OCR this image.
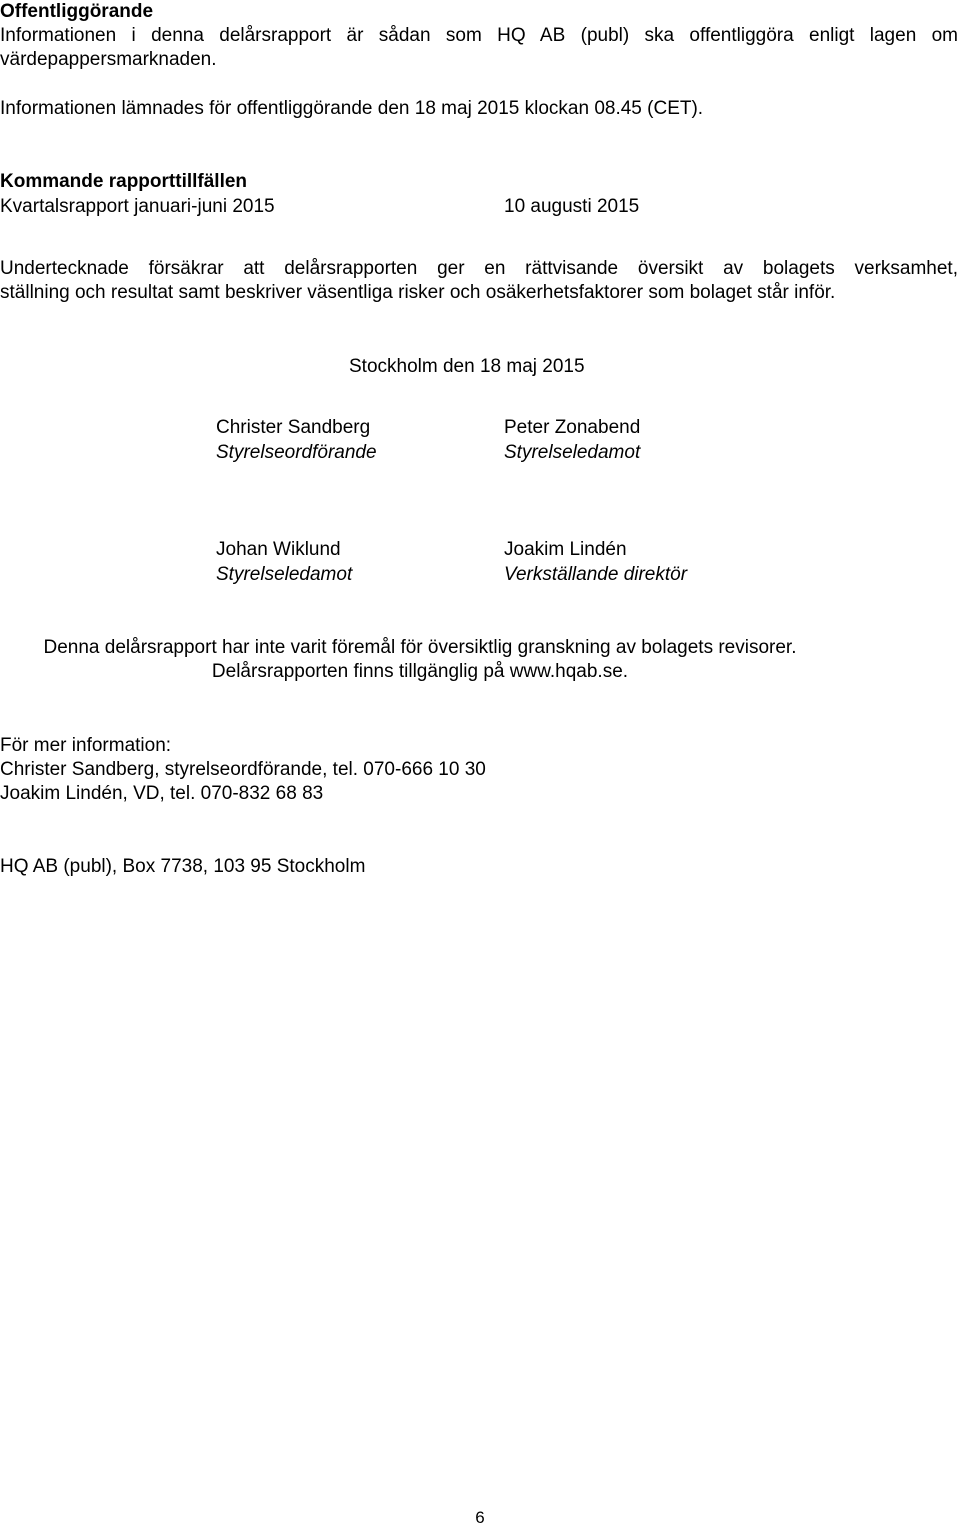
Offentliggörande
Informationen i denna delårsrapport är sådan som HQ AB (publ) ska offentliggöra enligt lagen om
värdepappersmarknaden.
Informationen lämnades för offentliggörande den 18 maj 2015 klockan 08.45 (CET).
Kommande rapporttillfällen
Kvartalsrapport januari-juni 2015	10 augusti 2015
Undertecknade försäkrar att delårsrapporten ger en rättvisande översikt av bolagets verksamhet,
ställning och resultat samt beskriver väsentliga risker och osäkerhetsfaktorer som bolaget står inför.
Stockholm den 18 maj 2015
Christer Sandberg
Styrelseordförande
Peter Zonabend
Styrelseledamot
Johan Wiklund
Styrelseledamot
Joakim Lindén
Verkställande direktör
Denna delårsrapport har inte varit föremål för översiktlig granskning av bolagets revisorer.
Delårsrapporten finns tillgänglig på www.hqab.se.
För mer information:
Christer Sandberg, styrelseordförande, tel. 070-666 10 30
Joakim Lindén, VD, tel. 070-832 68 83
HQ AB (publ), Box 7738, 103 95 Stockholm
6
